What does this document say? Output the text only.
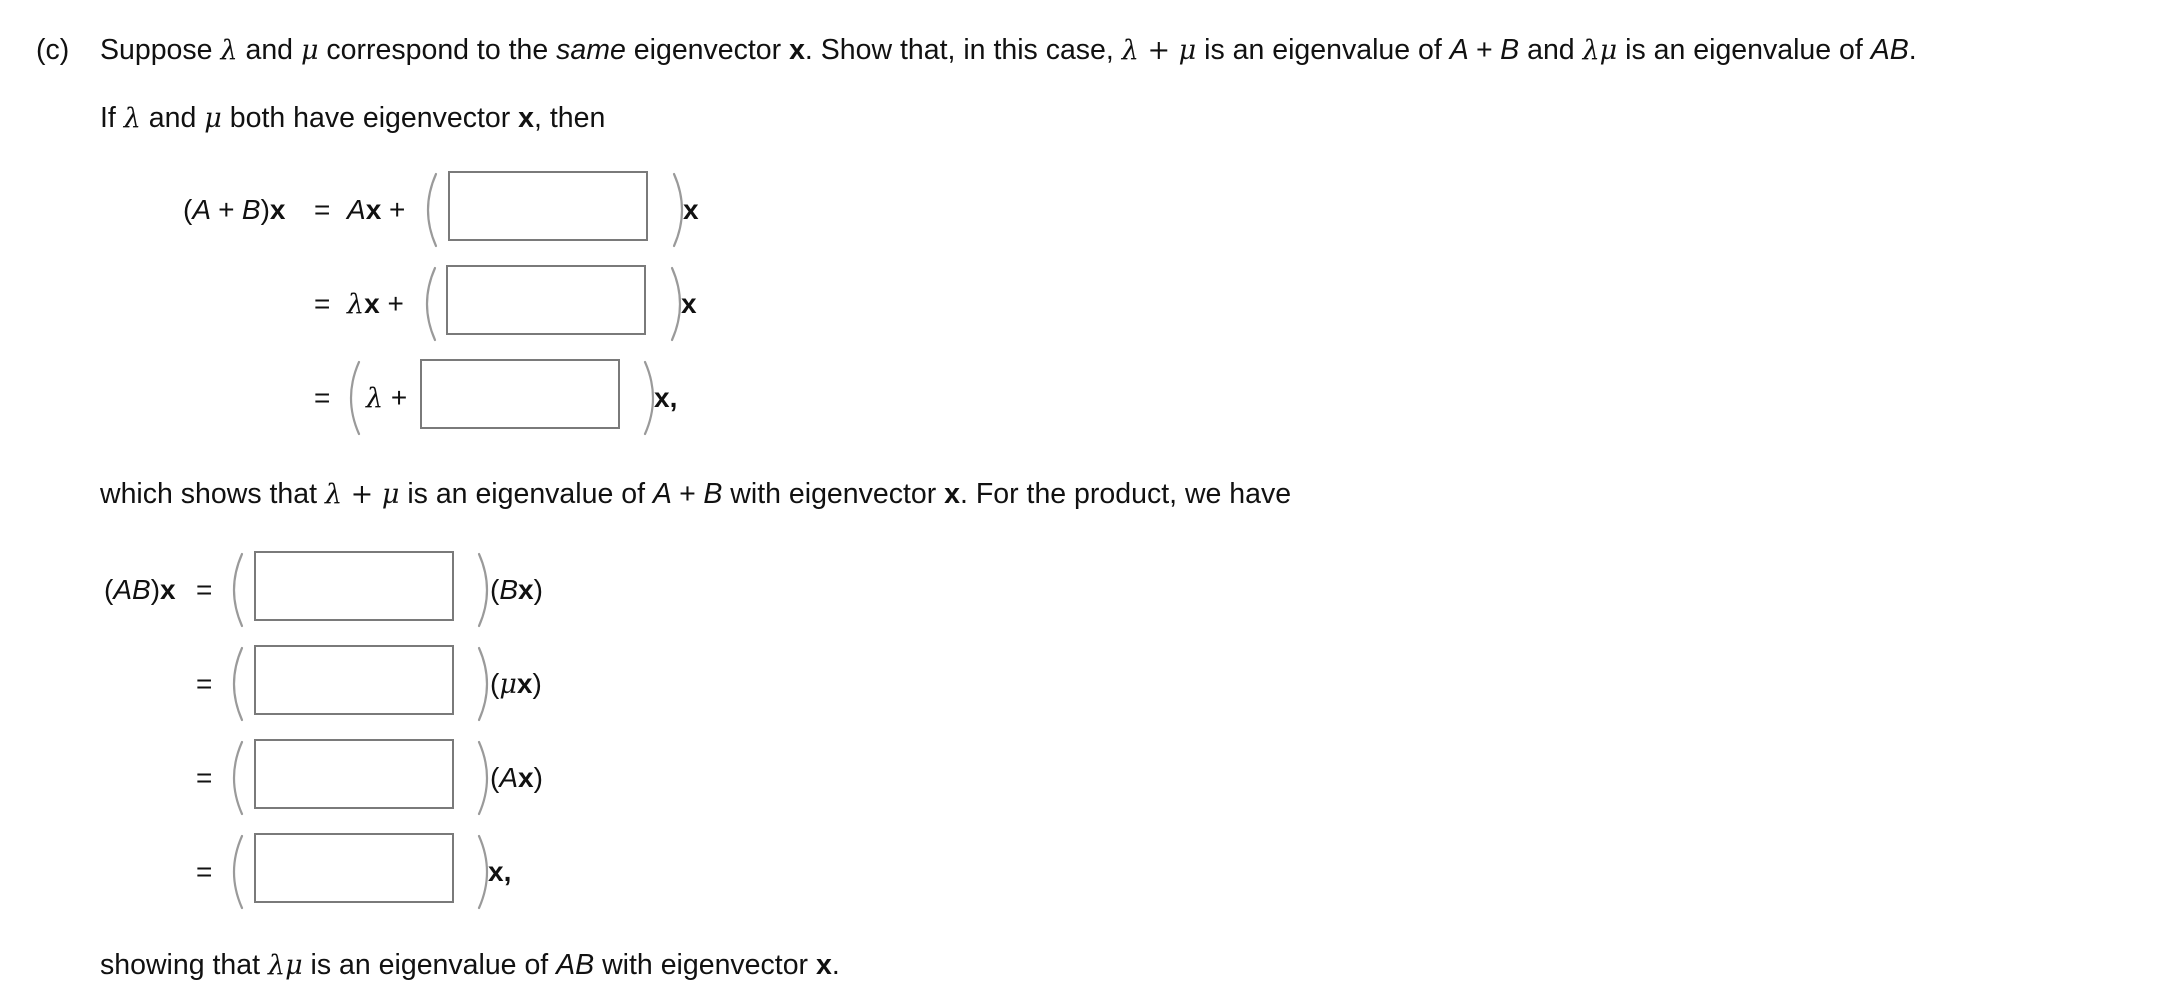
(c) Suppose λ and μ correspond to the same eigenvector x. Show that, in this case, λ + μ is an eigenvalue of A + B and λμ is an eigenvalue of AB.
If λ and μ both have eigenvector x, then
(A + B)x = Ax +	x
= λx +	x
= λ +	x,
which shows that λ + μ is an eigenvalue of A + B with eigenvector x. For the product, we have
(AB)x =	(Bx)
=	(μx)
=	(Ax)
=	x,
showing that λμ is an eigenvalue of AB with eigenvector x.
